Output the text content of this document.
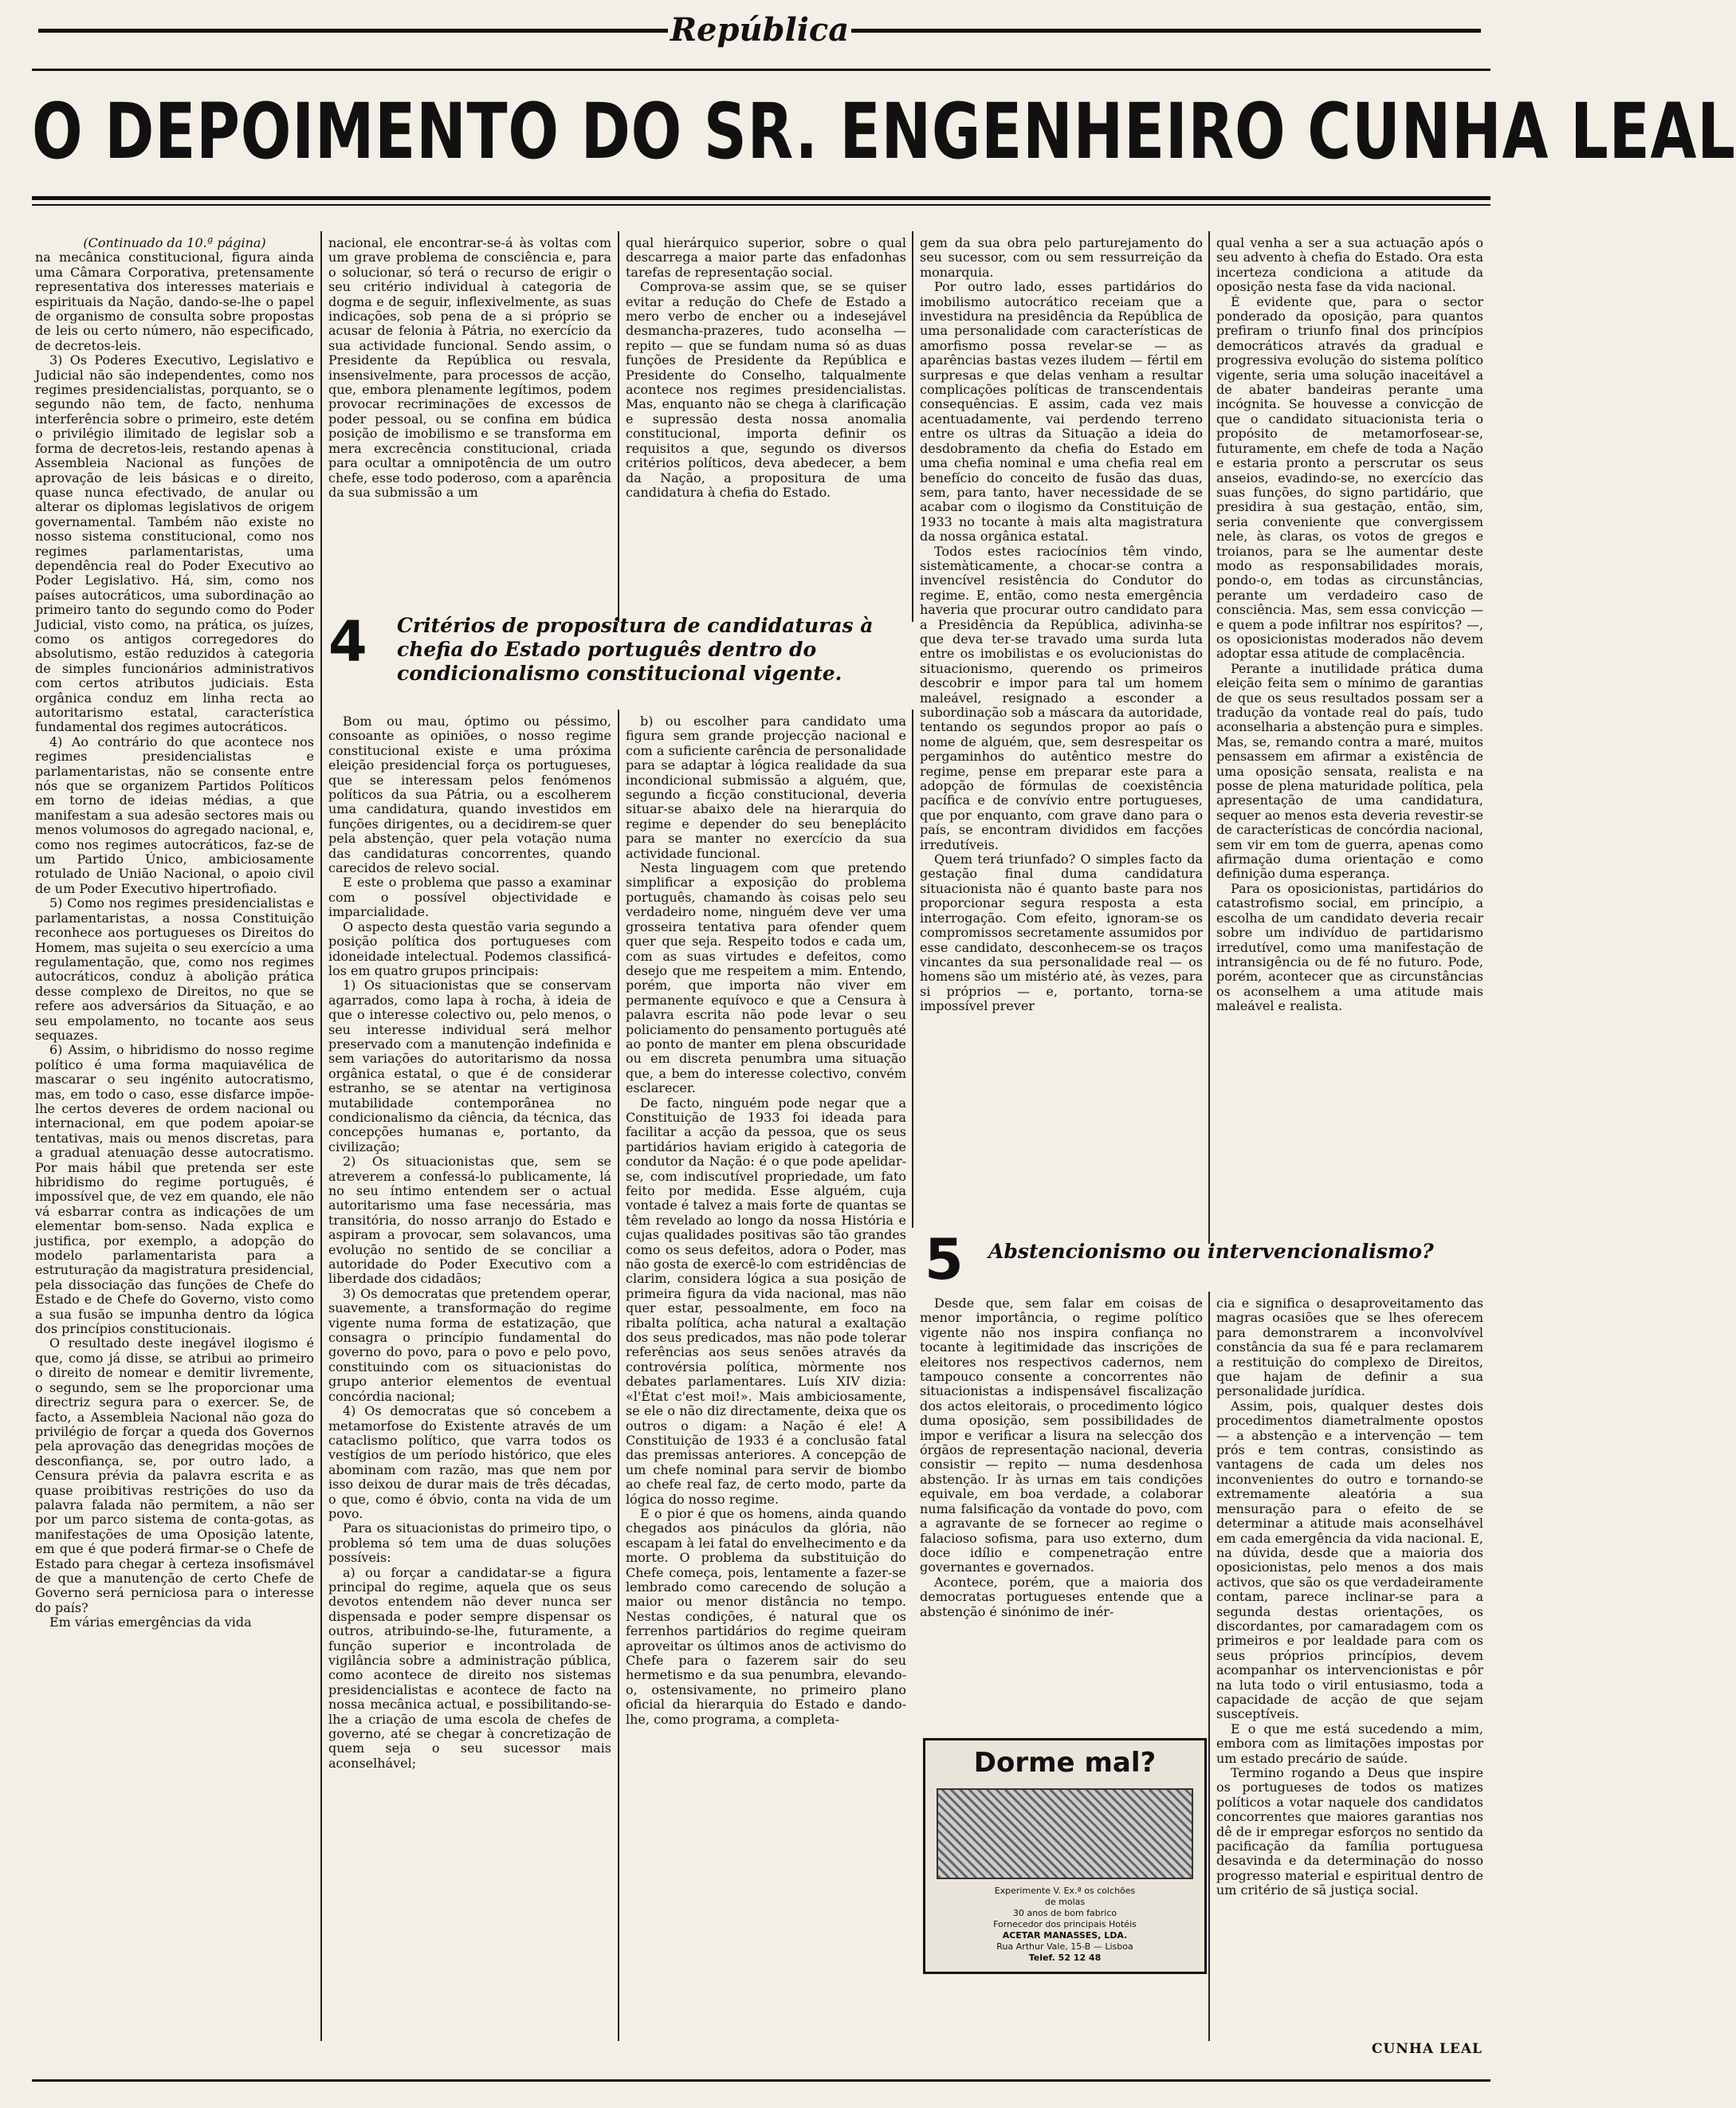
República
O DEPOIMENTO DO SR. ENGENHEIRO CUNHA LEAL

(Continuado da 10.ª página)

na mecânica constitucional, figura ainda uma Câmara Corporativa, pretensamente representativa dos interesses materiais e espirituais da Nação, dando-se-lhe o papel de organismo de consulta sobre propostas de leis ou certo número, não especificado, de decretos-leis.

3) Os Poderes Executivo, Legislativo e Judicial não são independentes, como nos regimes presidencialistas, porquanto, se o segundo não tem, de facto, nenhuma interferência sobre o primeiro, este detém o privilégio ilimitado de legislar sob a forma de decretos-leis, restando apenas à Assembleia Nacional as funções de aprovação de leis básicas e o direito, quase nunca efectivado, de anular ou alterar os diplomas legislativos de origem governamental. Também não existe no nosso sistema constitucional, como nos regimes parlamentaristas, uma dependência real do Poder Executivo ao Poder Legislativo. Há, sim, como nos países autocráticos, uma subordinação ao primeiro tanto do segundo como do Poder Judicial, visto como, na prática, os juízes, como os antigos corregedores do absolutismo, estão reduzidos à categoria de simples funcionários administrativos com certos atributos judiciais. Esta orgânica conduz em linha recta ao autoritarismo estatal, característica fundamental dos regimes autocráticos.

4) Ao contrário do que acontece nos regimes presidencialistas e parlamentaristas, não se consente entre nós que se organizem Partidos Políticos em torno de ideias médias, a que manifestam a sua adesão sectores mais ou menos volumosos do agregado nacional, e, como nos regimes autocráticos, faz-se de um Partido Único, ambiciosamente rotulado de União Nacional, o apoio civil de um Poder Executivo hipertrofiado.

5) Como nos regimes presidencialistas e parlamentaristas, a nossa Constituição reconhece aos portugueses os Direitos do Homem, mas sujeita o seu exercício a uma regulamentação, que, como nos regimes autocráticos, conduz à abolição prática desse complexo de Direitos, no que se refere aos adversários da Situação, e ao seu empolamento, no tocante aos seus sequazes.

6) Assim, o hibridismo do nosso regime político é uma forma maquiavélica de mascarar o seu ingénito autocratismo, mas, em todo o caso, esse disfarce impõe-lhe certos deveres de ordem nacional ou internacional, em que podem apoiar-se tentativas, mais ou menos discretas, para a gradual atenuação desse autocratismo. Por mais hábil que pretenda ser este hibridismo do regime português, é impossível que, de vez em quando, ele não vá esbarrar contra as indicações de um elementar bom-senso. Nada explica e justifica, por exemplo, a adopção do modelo parlamentarista para a estruturação da magistratura presidencial, pela dissociação das funções de Chefe do Estado e de Chefe do Governo, visto como a sua fusão se impunha dentro da lógica dos princípios constitucionais.

O resultado deste inegável ilogismo é que, como já disse, se atribui ao primeiro o direito de nomear e demitir livremente, o segundo, sem se lhe proporcionar uma directriz segura para o exercer. Se, de facto, a Assembleia Nacional não goza do privilégio de forçar a queda dos Governos pela aprovação das denegridas moções de desconfiança, se, por outro lado, a Censura prévia da palavra escrita e as quase proibitivas restrições do uso da palavra falada não permitem, a não ser por um parco sistema de conta-gotas, as manifestações de uma Oposição latente, em que é que poderá firmar-se o Chefe de Estado para chegar à certeza insofismável de que a manutenção de certo Chefe de Governo será perniciosa para o interesse do país?

Em várias emergências da vida

nacional, ele encontrar-se-á às voltas com um grave problema de consciência e, para o solucionar, só terá o recurso de erigir o seu critério individual à categoria de dogma e de seguir, inflexivelmente, as suas indicações, sob pena de a si próprio se acusar de felonia à Pátria, no exercício da sua actividade funcional. Sendo assim, o Presidente da República ou resvala, insensivelmente, para processos de acção, que, embora plenamente legítimos, podem provocar recriminações de excessos de poder pessoal, ou se confina em búdica posição de imobilismo e se transforma em mera excrecência constitucional, criada para ocultar a omnipotência de um outro chefe, esse todo poderoso, com a aparência da sua submissão a um

qual hierárquico superior, sobre o qual descarrega a maior parte das enfadonhas tarefas de representação social.

Comprova-se assim que, se se quiser evitar a redução do Chefe de Estado a mero verbo de encher ou a indesejável desmancha-prazeres, tudo aconselha — repito — que se fundam numa só as duas funções de Presidente da República e Presidente do Conselho, talqualmente acontece nos regimes presidencialistas. Mas, enquanto não se chega à clarificação e supressão desta nossa anomalia constitucional, importa definir os requisitos a que, segundo os diversos critérios políticos, deva abedecer, a bem da Nação, a propositura de uma candidatura à chefia do Estado.

4 Critérios de propositura de candidaturas à chefia do Estado português dentro do condicionalismo constitucional vigente.

Bom ou mau, óptimo ou péssimo, consoante as opiniões, o nosso regime constitucional existe e uma próxima eleição presidencial força os portugueses, que se interessam pelos fenómenos políticos da sua Pátria, ou a escolherem uma candidatura, quando investidos em funções dirigentes, ou a decidirem-se quer pela abstenção, quer pela votação numa das candidaturas concorrentes, quando carecidos de relevo social.

E este o problema que passo a examinar com o possível objectividade e imparcialidade.

O aspecto desta questão varia segundo a posição política dos portugueses com idoneidade intelectual. Podemos classificá-los em quatro grupos principais:

1) Os situacionistas que se conservam agarrados, como lapa à rocha, à ideia de que o interesse colectivo ou, pelo menos, o seu interesse individual será melhor preservado com a manutenção indefinida e sem variações do autoritarismo da nossa orgânica estatal, o que é de considerar estranho, se se atentar na vertiginosa mutabilidade contemporânea no condicionalismo da ciência, da técnica, das concepções humanas e, portanto, da civilização;

2) Os situacionistas que, sem se atreverem a confessá-lo publicamente, lá no seu íntimo entendem ser o actual autoritarismo uma fase necessária, mas transitória, do nosso arranjo do Estado e aspiram a provocar, sem solavancos, uma evolução no sentido de se conciliar a autoridade do Poder Executivo com a liberdade dos cidadãos;

3) Os democratas que pretendem operar, suavemente, a transformação do regime vigente numa forma de estatização, que consagra o princípio fundamental do governo do povo, para o povo e pelo povo, constituindo com os situacionistas do grupo anterior elementos de eventual concórdia nacional;

4) Os democratas que só concebem a metamorfose do Existente através de um cataclismo político, que varra todos os vestígios de um período histórico, que eles abominam com razão, mas que nem por isso deixou de durar mais de três décadas, o que, como é óbvio, conta na vida de um povo.

Para os situacionistas do primeiro tipo, o problema só tem uma de duas soluções possíveis:

a) ou forçar a candidatar-se a figura principal do regime, aquela que os seus devotos entendem não dever nunca ser dispensada e poder sempre dispensar os outros, atribuindo-se-lhe, futuramente, a função superior e incontrolada de vigilância sobre a administração pública, como acontece de direito nos sistemas presidencialistas e acontece de facto na nossa mecânica actual, e possibilitando-se-lhe a criação de uma escola de chefes de governo, até se chegar à concretização de quem seja o seu sucessor mais aconselhável;

b) ou escolher para candidato uma figura sem grande projecção nacional e com a suficiente carência de personalidade para se adaptar à lógica realidade da sua incondicional submissão a alguém, que, segundo a ficção constitucional, deveria situar-se abaixo dele na hierarquia do regime e depender do seu beneplácito para se manter no exercício da sua actividade funcional.

Nesta linguagem com que pretendo simplificar a exposição do problema português, chamando às coisas pelo seu verdadeiro nome, ninguém deve ver uma grosseira tentativa para ofender quem quer que seja. Respeito todos e cada um, com as suas virtudes e defeitos, como desejo que me respeitem a mim. Entendo, porém, que importa não viver em permanente equívoco e que a Censura à palavra escrita não pode levar o seu policiamento do pensamento português até ao ponto de manter em plena obscuridade ou em discreta penumbra uma situação que, a bem do interesse colectivo, convém esclarecer.

De facto, ninguém pode negar que a Constituição de 1933 foi ideada para facilitar a acção da pessoa, que os seus partidários haviam erigido à categoria de condutor da Nação: é o que pode apelidar-se, com indiscutível propriedade, um fato feito por medida. Esse alguém, cuja vontade é talvez a mais forte de quantas se têm revelado ao longo da nossa História e cujas qualidades positivas são tão grandes como os seus defeitos, adora o Poder, mas não gosta de exercê-lo com estridências de clarim, considera lógica a sua posição de primeira figura da vida nacional, mas não quer estar, pessoalmente, em foco na ribalta política, acha natural a exaltação dos seus predicados, mas não pode tolerar referências aos seus senões através da controvérsia política, mòrmente nos debates parlamentares. Luís XIV dizia: «l'État c'est moi!». Mais ambiciosamente, se ele o não diz directamente, deixa que os outros o digam: a Nação é ele! A Constituição de 1933 é a conclusão fatal das premissas anteriores. A concepção de um chefe nominal para servir de biombo ao chefe real faz, de certo modo, parte da lógica do nosso regime.

E o pior é que os homens, ainda quando chegados aos pináculos da glória, não escapam à lei fatal do envelhecimento e da morte. O problema da substituição do Chefe começa, pois, lentamente a fazer-se lembrado como carecendo de solução a maior ou menor distância no tempo. Nestas condições, é natural que os ferrenhos partidários do regime queiram aproveitar os últimos anos de activismo do Chefe para o fazerem sair do seu hermetismo e da sua penumbra, elevando-o, ostensivamente, no primeiro plano oficial da hierarquia do Estado e dando-lhe, como programa, a completa-

gem da sua obra pelo parturejamento do seu sucessor, com ou sem ressurreição da monarquia.

Por outro lado, esses partidários do imobilismo autocrático receiam que a investidura na presidência da República de uma personalidade com características de amorfismo possa revelar-se — as aparências bastas vezes iludem — fértil em surpresas e que delas venham a resultar complicações políticas de transcendentais consequências. E assim, cada vez mais acentuadamente, vai perdendo terreno entre os ultras da Situação a ideia do desdobramento da chefia do Estado em uma chefia nominal e uma chefia real em benefício do conceito de fusão das duas, sem, para tanto, haver necessidade de se acabar com o ilogismo da Constituição de 1933 no tocante à mais alta magistratura da nossa orgânica estatal.

Todos estes raciocínios têm vindo, sistemàticamente, a chocar-se contra a invencível resistência do Condutor do regime. E, então, como nesta emergência haveria que procurar outro candidato para a Presidência da República, adivinha-se que deva ter-se travado uma surda luta entre os imobilistas e os evolucionistas do situacionismo, querendo os primeiros descobrir e impor para tal um homem maleável, resignado a esconder a subordinação sob a máscara da autoridade, tentando os segundos propor ao país o nome de alguém, que, sem desrespeitar os pergaminhos do autêntico mestre do regime, pense em preparar este para a adopção de fórmulas de coexistência pacífica e de convívio entre portugueses, que por enquanto, com grave dano para o país, se encontram divididos em facções irredutíveis.

Quem terá triunfado? O simples facto da gestação final duma candidatura situacionista não é quanto baste para nos proporcionar segura resposta a esta interrogação. Com efeito, ignoram-se os compromissos secretamente assumidos por esse candidato, desconhecem-se os traços vincantes da sua personalidade real — os homens são um mistério até, às vezes, para si próprios — e, portanto, torna-se impossível prever

qual venha a ser a sua actuação após o seu advento à chefia do Estado. Ora esta incerteza condiciona a atitude da oposição nesta fase da vida nacional.

É evidente que, para o sector ponderado da oposição, para quantos prefiram o triunfo final dos princípios democráticos através da gradual e progressiva evolução do sistema político vigente, seria uma solução inaceitável a de abater bandeiras perante uma incógnita. Se houvesse a convicção de que o candidato situacionista teria o propósito de metamorfosear-se, futuramente, em chefe de toda a Nação e estaria pronto a perscrutar os seus anseios, evadindo-se, no exercício das suas funções, do signo partidário, que presidira à sua gestação, então, sim, seria conveniente que convergissem nele, às claras, os votos de gregos e troianos, para se lhe aumentar deste modo as responsabilidades morais, pondo-o, em todas as circunstâncias, perante um verdadeiro caso de consciência. Mas, sem essa convicção — e quem a pode infiltrar nos espíritos? —, os oposicionistas moderados não devem adoptar essa atitude de complacência.

Perante a inutilidade prática duma eleição feita sem o mínimo de garantias de que os seus resultados possam ser a tradução da vontade real do país, tudo aconselharia a abstenção pura e simples. Mas, se, remando contra a maré, muitos pensassem em afirmar a existência de uma oposição sensata, realista e na posse de plena maturidade política, pela apresentação de uma candidatura, sequer ao menos esta deveria revestir-se de características de concórdia nacional, sem vir em tom de guerra, apenas como afirmação duma orientação e como definição duma esperança.

Para os oposicionistas, partidários do catastrofismo social, em princípio, a escolha de um candidato deveria recair sobre um indivíduo de partidarismo irredutível, como uma manifestação de intransigência ou de fé no futuro. Pode, porém, acontecer que as circunstâncias os aconselhem a uma atitude mais maleável e realista.

5 Abstencionismo ou intervencionalismo?

Desde que, sem falar em coisas de menor importância, o regime político vigente não nos inspira confiança no tocante à legitimidade das inscrições de eleitores nos respectivos cadernos, nem tampouco consente a concorrentes não situacionistas a indispensável fiscalização dos actos eleitorais, o procedimento lógico duma oposição, sem possibilidades de impor e verificar a lisura na selecção dos órgãos de representação nacional, deveria consistir — repito — numa desdenhosa abstenção. Ir às urnas em tais condições equivale, em boa verdade, a colaborar numa falsificação da vontade do povo, com a agravante de se fornecer ao regime o falacioso sofisma, para uso externo, dum doce idílio e compenetração entre governantes e governados.

Acontece, porém, que a maioria dos democratas portugueses entende que a abstenção é sinónimo de inér-

cia e significa o desaproveitamento das magras ocasiões que se lhes oferecem para demonstrarem a inconvolvível constância da sua fé e para reclamarem a restituição do complexo de Direitos, que hajam de definir a sua personalidade jurídica.

Assim, pois, qualquer destes dois procedimentos diametralmente opostos — a abstenção e a intervenção — tem prós e tem contras, consistindo as vantagens de cada um deles nos inconvenientes do outro e tornando-se extremamente aleatória a sua mensuração para o efeito de se determinar a atitude mais aconselhável em cada emergência da vida nacional. E, na dúvida, desde que a maioria dos oposicionistas, pelo menos a dos mais activos, que são os que verdadeiramente contam, parece inclinar-se para a segunda destas orientações, os discordantes, por camaradagem com os primeiros e por lealdade para com os seus próprios princípios, devem acompanhar os intervencionistas e pôr na luta todo o viril entusiasmo, toda a capacidade de acção de que sejam susceptíveis.

E o que me está sucedendo a mim, embora com as limitações impostas por um estado precário de saúde.

Termino rogando a Deus que inspire os portugueses de todos os matizes políticos a votar naquele dos candidatos concorrentes que maiores garantias nos dê de ir empregar esforços no sentido da pacificação da família portuguesa desavinda e da determinação do nosso progresso material e espiritual dentro de um critério de sã justiça social.

Dorme mal?
Experimente V. Ex.ª os colchões
de molas
30 anos de bom fabrico
Fornecedor dos principais Hotéis
ACETAR MANASSES, LDA.
Rua Arthur Vale, 15-B — Lisboa
Telef. 52 12 48
CUNHA LEAL
